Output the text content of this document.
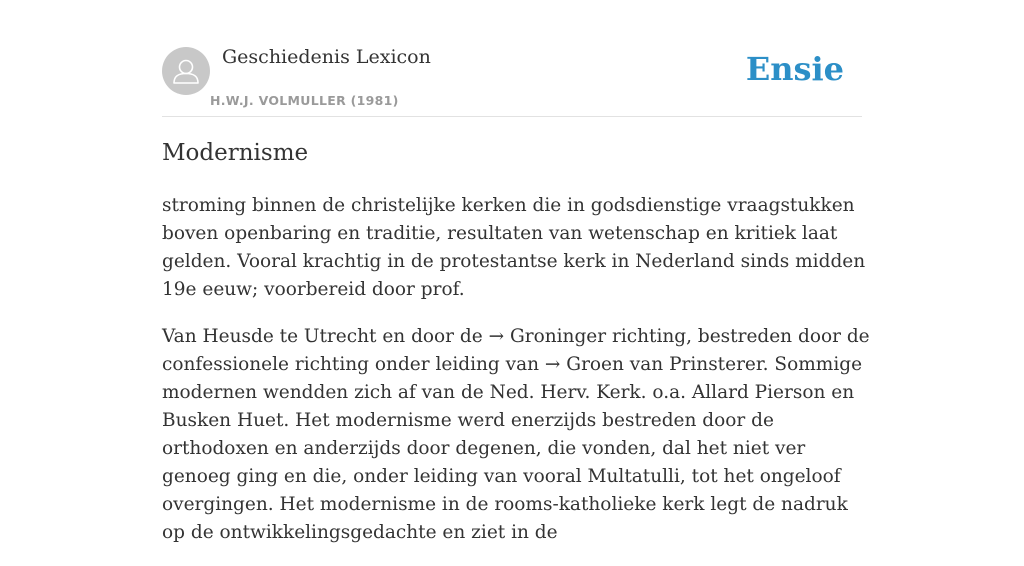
Geschiedenis Lexicon
H.W.J. VOLMULLER (1981)
Ensie
Modernisme

stroming binnen de christelijke kerken die in godsdienstige vraagstukken boven openbaring en traditie, resultaten van wetenschap en kritiek laat gelden. Vooral krachtig in de protestantse kerk in Nederland sinds midden 19e eeuw; voorbereid door prof.

Van Heusde te Utrecht en door de → Groninger richting, bestreden door de confessionele richting onder leiding van → Groen van Prinsterer. Sommige modernen wendden zich af van de Ned. Herv. Kerk. o.a. Allard Pierson en Busken Huet. Het modernisme werd enerzijds bestreden door de orthodoxen en anderzijds door degenen, die vonden, dal het niet ver genoeg ging en die, onder leiding van vooral Multatulli, tot het ongeloof overgingen. Het modernisme in de rooms-katholieke kerk legt de nadruk op de ontwikkelingsgedachte en ziet in de
